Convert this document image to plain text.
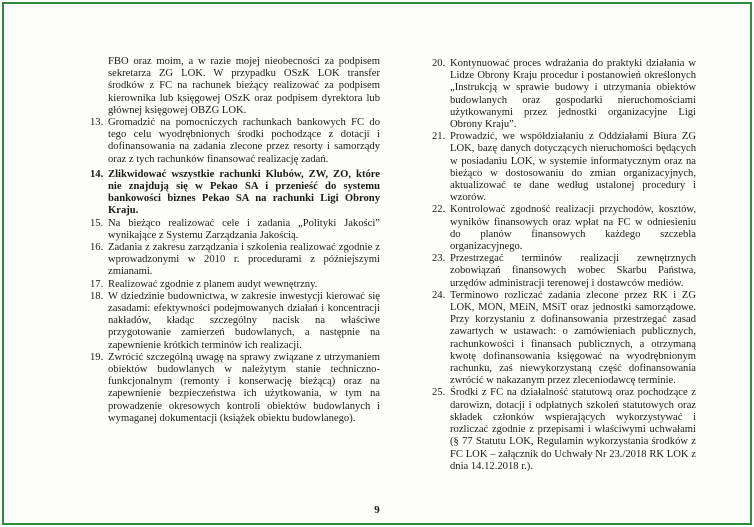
FBO oraz moim, a w razie mojej nieobecności za podpisem sekretarza ZG LOK. W przypadku OSzK LOK transfer środków z FC na rachunek bieżący realizować za podpisem kierownika lub księgowej OSzK oraz podpisem dyrektora lub głównej księgowej OBZG LOK.
13. Gromadzić na pomocniczych rachunkach bankowych FC do tego celu wyodrębnionych środki pochodzące z dotacji i dofinansowania na zadania zlecone przez resorty i samorządy oraz z tych rachunków finansować realizację zadań.
14. Zlikwidować wszystkie rachunki Klubów, ZW, ZO, które nie znajdują się w Pekao SA i przenieść do systemu bankowości biznes Pekao SA na rachunki Ligi Obrony Kraju.
15. Na bieżąco realizować cele i zadania „Polityki Jakości” wynikające z Systemu Zarządzania Jakością.
16. Zadania z zakresu zarządzania i szkolenia realizować zgodnie z wprowadzonymi w 2010 r. procedurami z późniejszymi zmianami.
17. Realizować zgodnie z planem audyt wewnętrzny.
18. W dziedzinie budownictwa, w zakresie inwestycji kierować się zasadami: efektywności podejmowanych działań i koncentracji nakładów, kładąc szczególny nacisk na właściwe przygotowanie zamierzeń budowlanych, a następnie na zapewnienie krótkich terminów ich realizacji.
19. Zwrócić szczególną uwagę na sprawy związane z utrzymaniem obiektów budowlanych w należytym stanie techniczno-funkcjonalnym (remonty i konserwację bieżącą) oraz na zapewnienie bezpieczeństwa ich użytkowania, w tym na prowadzenie okresowych kontroli obiektów budowlanych i wymaganej dokumentacji (książek obiektu budowlanego).
20. Kontynuować proces wdrażania do praktyki działania w Lidze Obrony Kraju procedur i postanowień określonych „Instrukcją w sprawie budowy i utrzymania obiektów budowlanych oraz gospodarki nieruchomościami użytkowanymi przez jednostki organizacyjne Ligi Obrony Kraju”.
21. Prowadzić, we współdziałaniu z Oddziałami Biura ZG LOK, bazę danych dotyczących nieruchomości będących w posiadaniu LOK, w systemie informatycznym oraz na bieżąco w dostosowaniu do zmian organizacyjnych, aktualizować te dane według ustalonej procedury i wzorów.
22. Kontrolować zgodność realizacji przychodów, kosztów, wyników finansowych oraz wpłat na FC w odniesieniu do planów finansowych każdego szczebla organizacyjnego.
23. Przestrzegać terminów realizacji zewnętrznych zobowiązań finansowych wobec Skarbu Państwa, urzędów administracji terenowej i dostawców mediów.
24. Terminowo rozliczać zadania zlecone przez RK i ZG LOK, MON, MEiN, MSiT oraz jednostki samorządowe. Przy korzystaniu z dofinansowania przestrzegać zasad zawartych w ustawach: o zamówieniach publicznych, rachunkowości i finansach publicznych, a otrzymaną kwotę dofinansowania księgować na wyodrębnionym rachunku, zaś niewykorzystaną część dofinansowania zwrócić w nakazanym przez zleceniodawcę terminie.
25. Środki z FC na działalność statutową oraz pochodzące z darowizn, dotacji i odpłatnych szkoleń statutowych oraz składek członków wspierających wykorzystywać i rozliczać zgodnie z przepisami i właściwymi uchwałami (§ 77 Statutu LOK, Regulamin wykorzystania środków z FC LOK – załącznik do Uchwały Nr 23./2018 RK LOK z dnia 14.12.2018 r.).
9
